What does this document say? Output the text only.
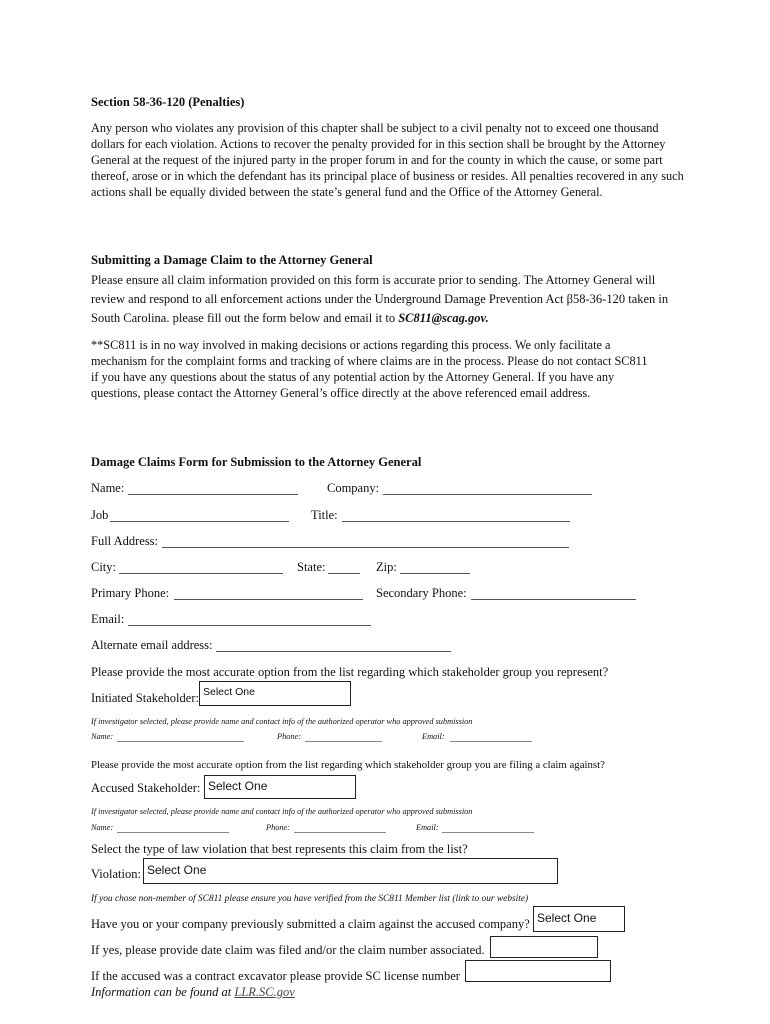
Section 58-36-120 (Penalties)
Any person who violates any provision of this chapter shall be subject to a civil penalty not to exceed one thousand dollars for each violation. Actions to recover the penalty provided for in this section shall be brought by the Attorney General at the request of the injured party in the proper forum in and for the county in which the cause, or some part thereof, arose or in which the defendant has its principal place of business or resides. All penalties recovered in any such actions shall be equally divided between the state’s general fund and the Office of the Attorney General.
Submitting a Damage Claim to the Attorney General
Please ensure all claim information provided on this form is accurate prior to sending. The Attorney General will
review and respond to all enforcement actions under the Underground Damage Prevention Act β58-36-120 taken in
South Carolina. please fill out the form below and email it to SC811@scag.gov.
**SC811 is in no way involved in making decisions or actions regarding this process. We only facilitate a mechanism for the complaint forms and tracking of where claims are in the process. Please do not contact SC811 if you have any questions about the status of any potential action by the Attorney General. If you have any questions, please contact the Attorney General’s office directly at the above referenced email address.
Damage Claims Form for Submission to the Attorney General
Name:	Company:
Job	Title:
Full Address:
City:	State:	Zip:
Primary Phone:	Secondary Phone:
Email:
Alternate email address:
Please provide the most accurate option from the list regarding which stakeholder group you represent?
Initiated Stakeholder: Select One
If investigator selected, please provide name and contact info of the authorized operator who approved submission
Name:	Phone:	Email:
Please provide the most accurate option from the list regarding which stakeholder group you are filing a claim against?
Accused Stakeholder: Select One
If investigator selected, please provide name and contact info of the authorized operator who approved submission
Name:	Phone:	Email:
Select the type of law violation that best represents this claim from the list?
Violation: Select One
If you chose non-member of SC811 please ensure you have verified from the SC811 Member list (link to our website)
Have you or your company previously submitted a claim against the accused company? Select One
If yes, please provide date claim was filed and/or the claim number associated.
If the accused was a contract excavator please provide SC license number
Information can be found at LLR.SC.gov
